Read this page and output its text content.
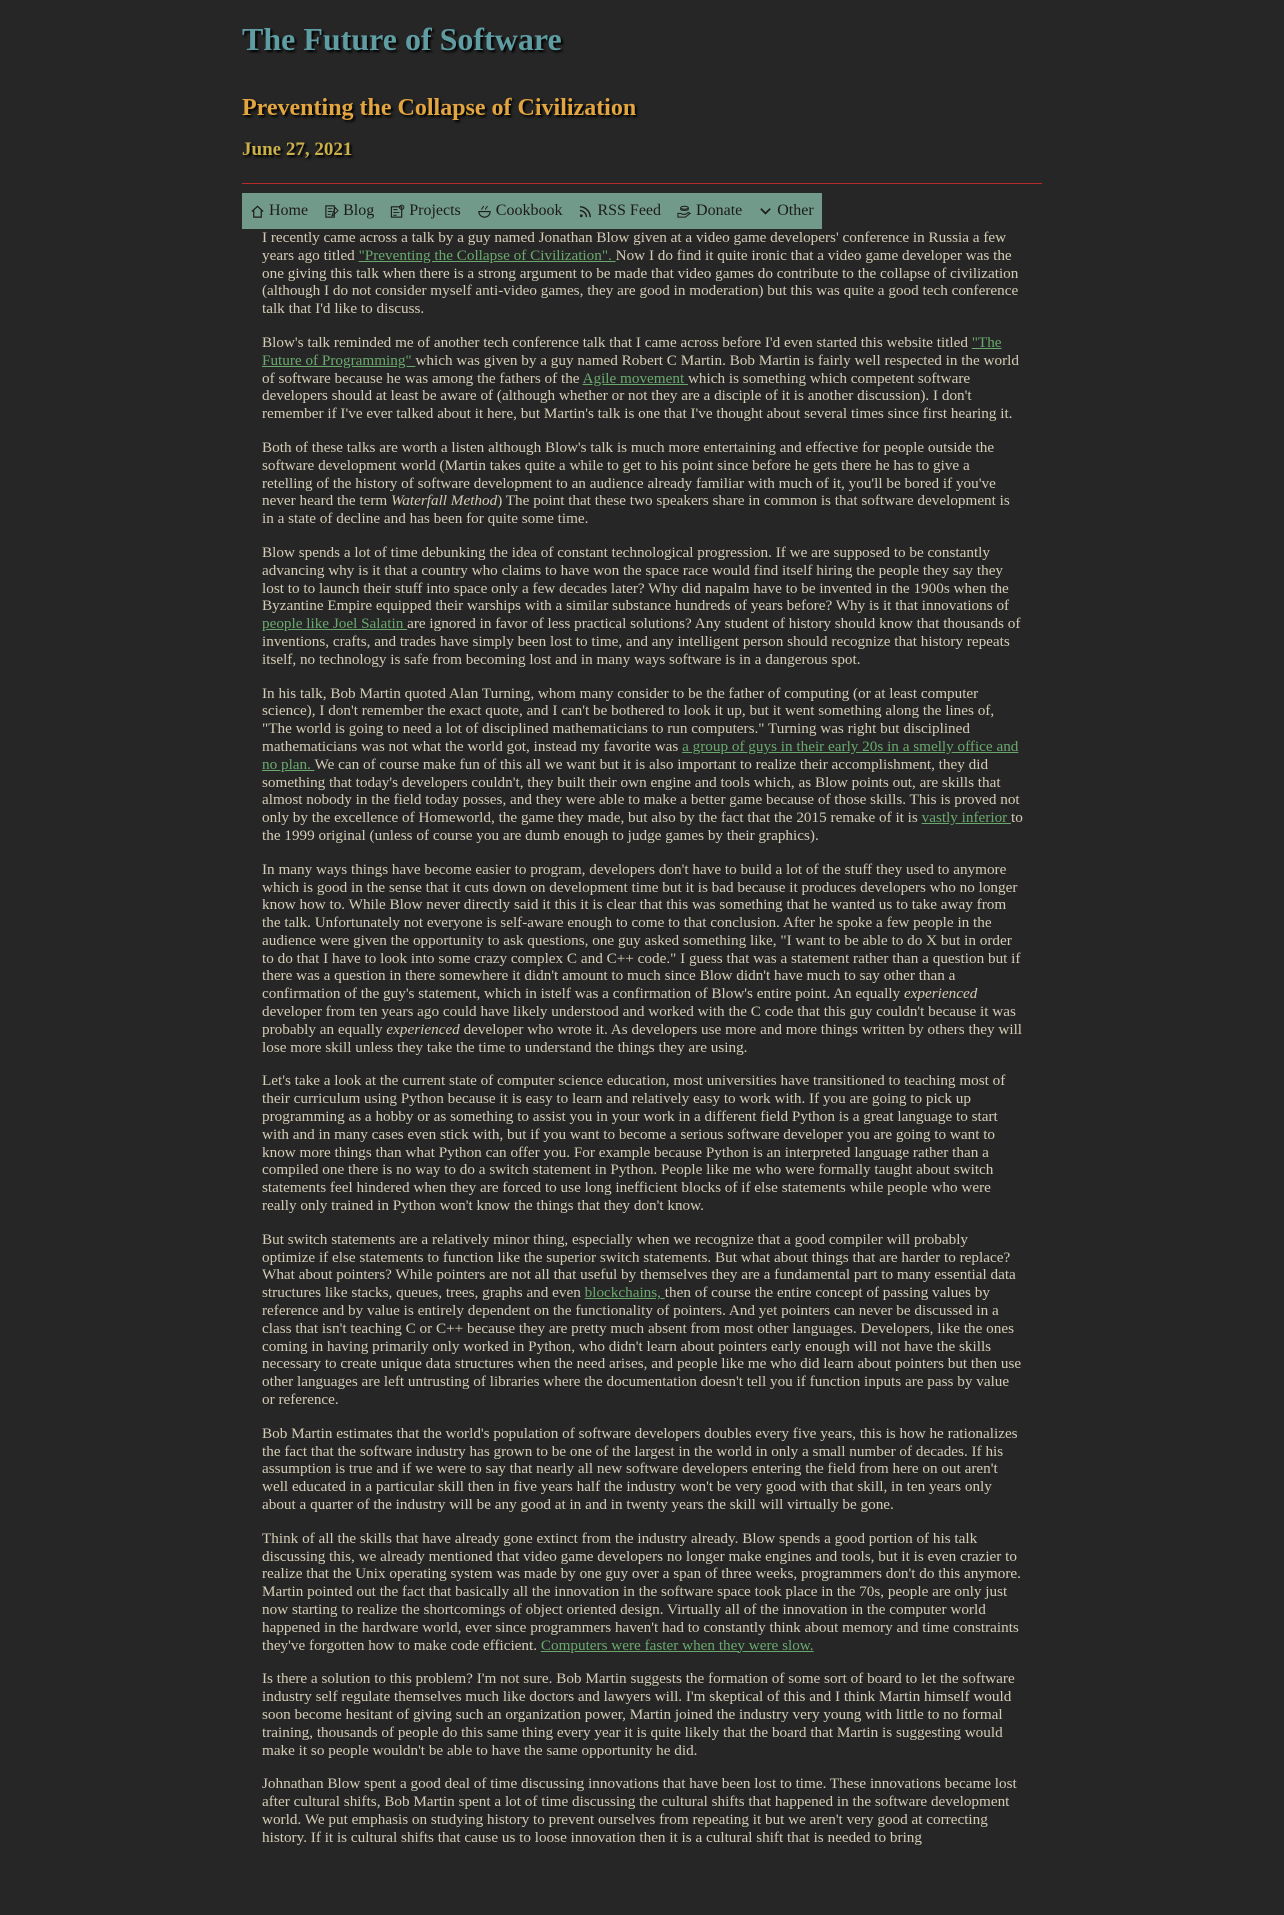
The Future of Software
Preventing the Collapse of Civilization
June 27, 2021
Home Blog Projects Cookbook RSS Feed Donate Other

I recently came across a talk by a guy named Jonathan Blow given at a video game developers' conference in Russia a few years ago titled "Preventing the Collapse of Civilization". Now I do find it quite ironic that a video game developer was the one giving this talk when there is a strong argument to be made that video games do contribute to the collapse of civilization (although I do not consider myself anti-video games, they are good in moderation) but this was quite a good tech conference talk that I'd like to discuss.

Blow's talk reminded me of another tech conference talk that I came across before I'd even started this website titled "The Future of Programming" which was given by a guy named Robert C Martin. Bob Martin is fairly well respected in the world of software because he was among the fathers of the Agile movement which is something which competent software developers should at least be aware of (although whether or not they are a disciple of it is another discussion). I don't remember if I've ever talked about it here, but Martin's talk is one that I've thought about several times since first hearing it.

Both of these talks are worth a listen although Blow's talk is much more entertaining and effective for people outside the software development world (Martin takes quite a while to get to his point since before he gets there he has to give a retelling of the history of software development to an audience already familiar with much of it, you'll be bored if you've never heard the term Waterfall Method) The point that these two speakers share in common is that software development is in a state of decline and has been for quite some time.

Blow spends a lot of time debunking the idea of constant technological progression. If we are supposed to be constantly advancing why is it that a country who claims to have won the space race would find itself hiring the people they say they lost to to launch their stuff into space only a few decades later? Why did napalm have to be invented in the 1900s when the Byzantine Empire equipped their warships with a similar substance hundreds of years before? Why is it that innovations of people like Joel Salatin are ignored in favor of less practical solutions? Any student of history should know that thousands of inventions, crafts, and trades have simply been lost to time, and any intelligent person should recognize that history repeats itself, no technology is safe from becoming lost and in many ways software is in a dangerous spot.

In his talk, Bob Martin quoted Alan Turning, whom many consider to be the father of computing (or at least computer science), I don't remember the exact quote, and I can't be bothered to look it up, but it went something along the lines of, "The world is going to need a lot of disciplined mathematicians to run computers." Turning was right but disciplined mathematicians was not what the world got, instead my favorite was a group of guys in their early 20s in a smelly office and no plan. We can of course make fun of this all we want but it is also important to realize their accomplishment, they did something that today's developers couldn't, they built their own engine and tools which, as Blow points out, are skills that almost nobody in the field today posses, and they were able to make a better game because of those skills. This is proved not only by the excellence of Homeworld, the game they made, but also by the fact that the 2015 remake of it is vastly inferior to the 1999 original (unless of course you are dumb enough to judge games by their graphics).

In many ways things have become easier to program, developers don't have to build a lot of the stuff they used to anymore which is good in the sense that it cuts down on development time but it is bad because it produces developers who no longer know how to. While Blow never directly said it this it is clear that this was something that he wanted us to take away from the talk. Unfortunately not everyone is self-aware enough to come to that conclusion. After he spoke a few people in the audience were given the opportunity to ask questions, one guy asked something like, "I want to be able to do X but in order to do that I have to look into some crazy complex C and C++ code." I guess that was a statement rather than a question but if there was a question in there somewhere it didn't amount to much since Blow didn't have much to say other than a confirmation of the guy's statement, which in istelf was a confirmation of Blow's entire point. An equally experienced developer from ten years ago could have likely understood and worked with the C code that this guy couldn't because it was probably an equally experienced developer who wrote it. As developers use more and more things written by others they will lose more skill unless they take the time to understand the things they are using.

Let's take a look at the current state of computer science education, most universities have transitioned to teaching most of their curriculum using Python because it is easy to learn and relatively easy to work with. If you are going to pick up programming as a hobby or as something to assist you in your work in a different field Python is a great language to start with and in many cases even stick with, but if you want to become a serious software developer you are going to want to know more things than what Python can offer you. For example because Python is an interpreted language rather than a compiled one there is no way to do a switch statement in Python. People like me who were formally taught about switch statements feel hindered when they are forced to use long inefficient blocks of if else statements while people who were really only trained in Python won't know the things that they don't know.

But switch statements are a relatively minor thing, especially when we recognize that a good compiler will probably optimize if else statements to function like the superior switch statements. But what about things that are harder to replace? What about pointers? While pointers are not all that useful by themselves they are a fundamental part to many essential data structures like stacks, queues, trees, graphs and even blockchains, then of course the entire concept of passing values by reference and by value is entirely dependent on the functionality of pointers. And yet pointers can never be discussed in a class that isn't teaching C or C++ because they are pretty much absent from most other languages. Developers, like the ones coming in having primarily only worked in Python, who didn't learn about pointers early enough will not have the skills necessary to create unique data structures when the need arises, and people like me who did learn about pointers but then use other languages are left untrusting of libraries where the documentation doesn't tell you if function inputs are pass by value or reference.

Bob Martin estimates that the world's population of software developers doubles every five years, this is how he rationalizes the fact that the software industry has grown to be one of the largest in the world in only a small number of decades. If his assumption is true and if we were to say that nearly all new software developers entering the field from here on out aren't well educated in a particular skill then in five years half the industry won't be very good with that skill, in ten years only about a quarter of the industry will be any good at in and in twenty years the skill will virtually be gone.

Think of all the skills that have already gone extinct from the industry already. Blow spends a good portion of his talk discussing this, we already mentioned that video game developers no longer make engines and tools, but it is even crazier to realize that the Unix operating system was made by one guy over a span of three weeks, programmers don't do this anymore. Martin pointed out the fact that basically all the innovation in the software space took place in the 70s, people are only just now starting to realize the shortcomings of object oriented design. Virtually all of the innovation in the computer world happened in the hardware world, ever since programmers haven't had to constantly think about memory and time constraints they've forgotten how to make code efficient. Computers were faster when they were slow.

Is there a solution to this problem? I'm not sure. Bob Martin suggests the formation of some sort of board to let the software industry self regulate themselves much like doctors and lawyers will. I'm skeptical of this and I think Martin himself would soon become hesitant of giving such an organization power, Martin joined the industry very young with little to no formal training, thousands of people do this same thing every year it is quite likely that the board that Martin is suggesting would make it so people wouldn't be able to have the same opportunity he did.

Johnathan Blow spent a good deal of time discussing innovations that have been lost to time. These innovations became lost after cultural shifts, Bob Martin spent a lot of time discussing the cultural shifts that happened in the software development world. We put emphasis on studying history to prevent ourselves from repeating it but we aren't very good at correcting history. If it is cultural shifts that cause us to loose innovation then it is a cultural shift that is needed to bring
